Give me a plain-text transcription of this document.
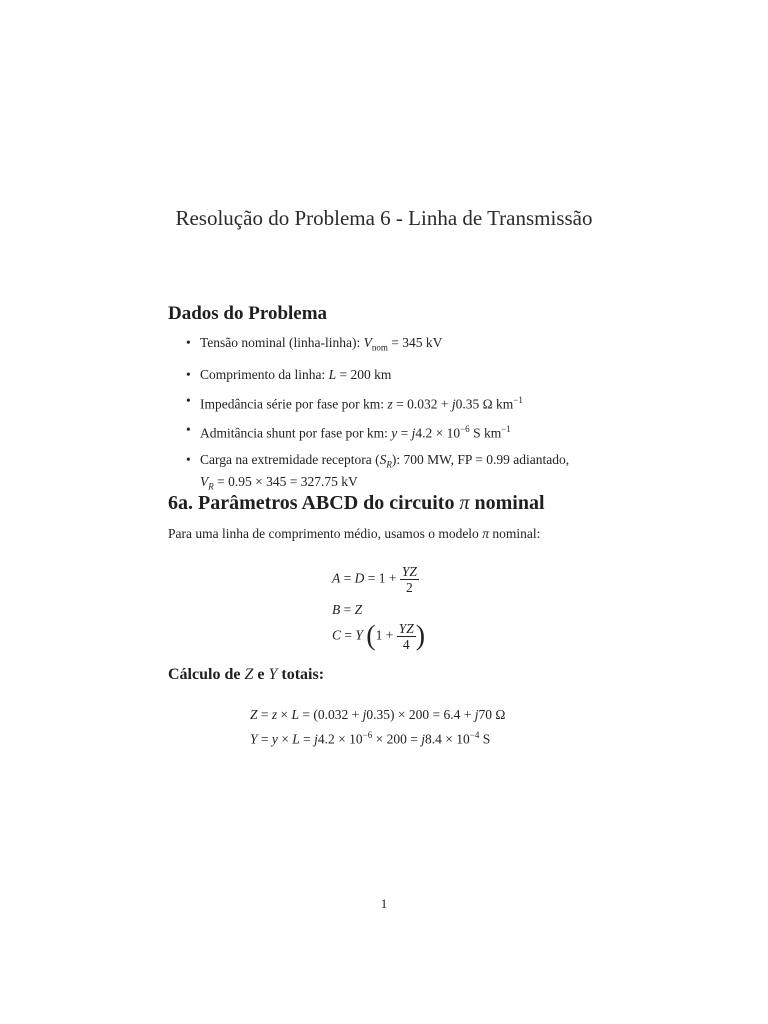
Resolução do Problema 6 - Linha de Transmissão
Dados do Problema
• Tensão nominal (linha-linha): $V_{nom} = 345$ kV
• Comprimento da linha: L = 200 km
• Impedância série por fase por km: z = 0.032 + j0.35 Ω $km^{-1}$
• Admitância shunt por fase por km: $y = j4.2 \times 10^{-6}$ S $km^{-1}$
• Carga na extremidade receptora $(S_R)$: 700 MW, FP = 0.99 adiantado,
$V_R = 0.95 \times 345 = 327.75$ kV
6a. Parâmetros ABCD do circuito π nominal

Para uma linha de comprimento médio, usamos o modelo π nominal:

$A = D = 1 + \frac{YZ}{2}$
B = Z
C = Y ($1 + \frac{YZ}{4}$ )
Cálculo de Z e Y totais:
Z = z × L = (0.032 + j0.35) × 200 = 6.4 + j70 Ω
$Y = y \times L = j4.2 \times 10^{-6} \times 200 = j8.4 \times 10^{-4}$ S
1
